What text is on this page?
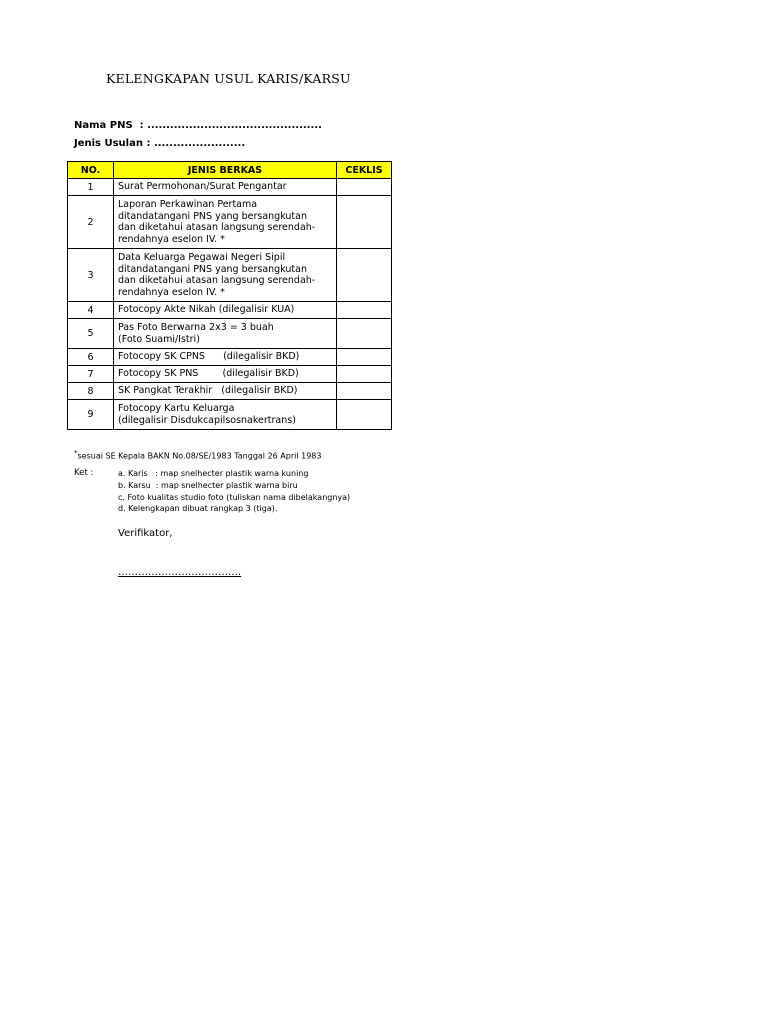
KELENGKAPAN USUL KARIS/KARSU
Nama PNS  : ..............................................
Jenis Usulan : ........................
NO.	JENIS BERKAS	CEKLIS
1	Surat Permohonan/Surat Pengantar	

2	Laporan Perkawinan Pertama
ditandatangani PNS yang bersangkutan
dan diketahui atasan langsung serendah-
rendahnya eselon IV. *	

3	Data Keluarga Pegawai Negeri Sipil
ditandatangani PNS yang bersangkutan
dan diketahui atasan langsung serendah-
rendahnya eselon IV. *	

4	Fotocopy Akte Nikah (dilegalisir KUA)	

5	Pas Foto Berwarna 2x3 = 3 buah
(Foto Suami/Istri)	

6	Fotocopy SK CPNS      (dilegalisir BKD)	

7	Fotocopy SK PNS        (dilegalisir BKD)	

8	SK Pangkat Terakhir   (dilegalisir BKD)	

9	Fotocopy Kartu Keluarga
(dilegalisir Disdukcapilsosnakertrans)	

*sesuai SE Kepala BAKN No.08/SE/1983 Tanggal 26 April 1983
Ket :	a. Karis   : map snelhecter plastik warna kuning
b. Karsu  : map snelhecter plastik warna biru
c. Foto kualitas studio foto (tuliskan nama dibelakangnya)
d. Kelengkapan dibuat rangkap 3 (tiga).
Verifikator,
……………………………….
